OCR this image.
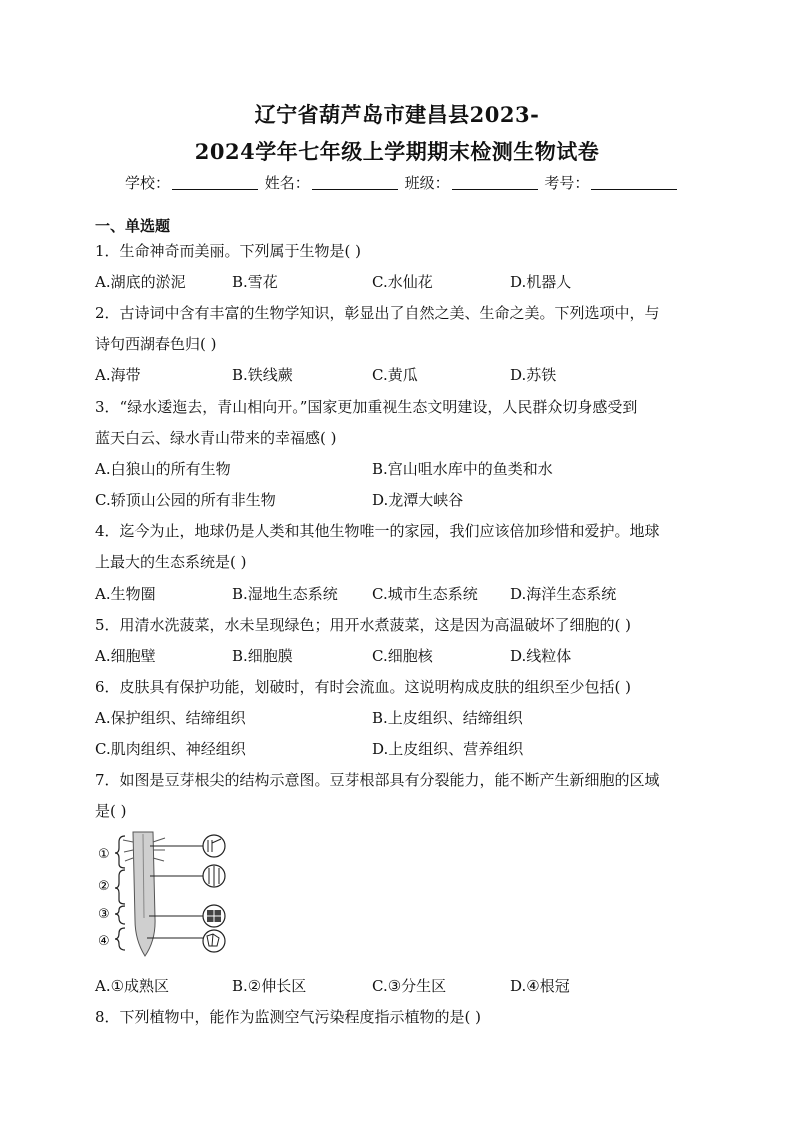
辽宁省葫芦岛市建昌县2023-
2024学年七年级上学期期末检测生物试卷
学校：	姓名：	班级：	考号：
一、单选题
1．生命神奇而美丽。下列属于生物是( )
A.湖底的淤泥	B.雪花	C.水仙花	D.机器人
2．古诗词中含有丰富的生物学知识，彰显出了自然之美、生命之美。下列选项中，与
诗句西湖春色归( )
A.海带	B.铁线蕨	C.黄瓜	D.苏铁
3．“绿水逶迤去，青山相向开。”国家更加重视生态文明建设，人民群众切身感受到
蓝天白云、绿水青山带来的幸福感( )
A.白狼山的所有生物	B.宫山咀水库中的鱼类和水
C.轿顶山公园的所有非生物	D.龙潭大峡谷
4．迄今为止，地球仍是人类和其他生物唯一的家园，我们应该倍加珍惜和爱护。地球
上最大的生态系统是( )
A.生物圈	B.湿地生态系统 C.城市生态系统 D.海洋生态系统
5．用清水洗菠菜，水未呈现绿色；用开水煮菠菜，这是因为高温破坏了细胞的( )
A.细胞壁	B.细胞膜	C.细胞核	D.线粒体
6．皮肤具有保护功能，划破时，有时会流血。这说明构成皮肤的组织至少包括( )
A.保护组织、结缔组织	B.上皮组织、结缔组织
C.肌肉组织、神经组织	D.上皮组织、营养组织
7．如图是豆芽根尖的结构示意图。豆芽根部具有分裂能力，能不断产生新细胞的区域
是( )
①
②
③
④
A.①成熟区	B.②伸长区	C.③分生区	D.④根冠
8．下列植物中，能作为监测空气污染程度指示植物的是( )
